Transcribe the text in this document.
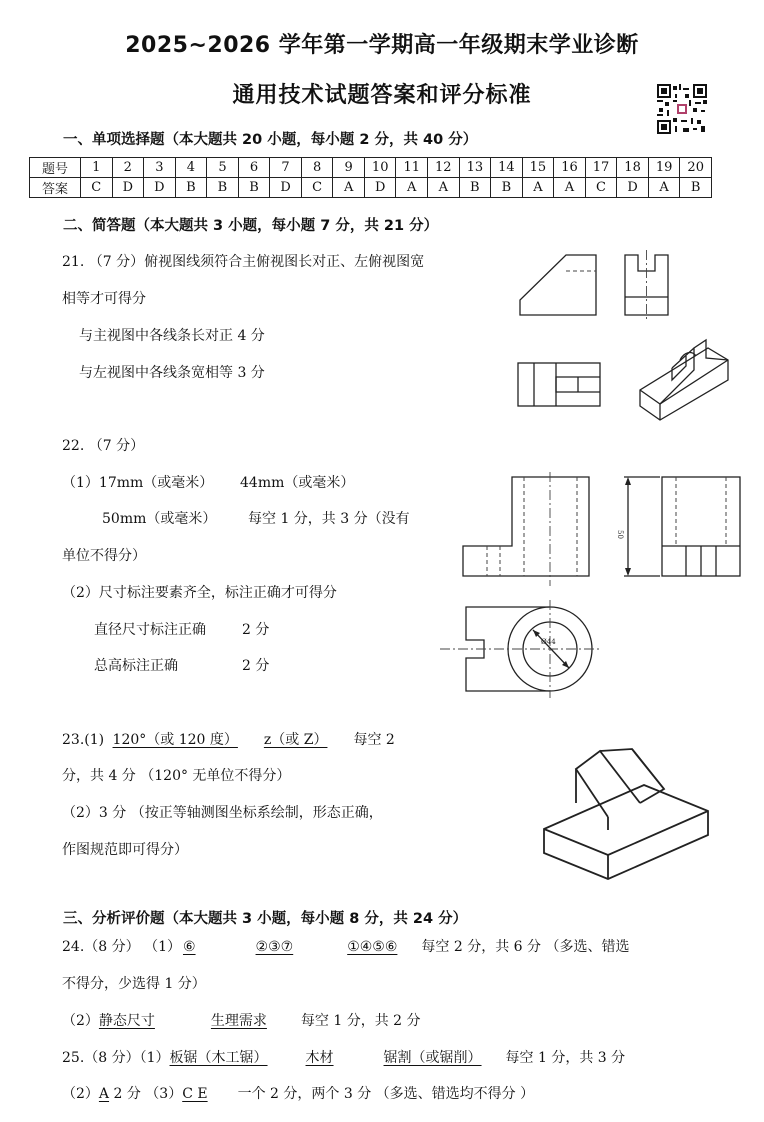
2025~2026 学年第一学期高一年级期末学业诊断
通用技术试题答案和评分标准
一、单项选择题（本大题共 20 小题，每小题 2 分，共 40 分）
题号	1	2	3	4	5	6	7	8	9	10	11	12	13	14	15	16	17	18	19	20
答案	C	D	D	B	B	B	D	C	A	D	A	A	B	B	A	A	C	D	A	B
二、简答题（本大题共 3 小题，每小题 7 分，共 21 分）
21. （7 分）俯视图线须符合主俯视图长对正、左俯视图宽
相等才可得分
与主视图中各线条长对正 4 分
与左视图中各线条宽相等 3 分
22. （7 分）
（1）17mm（或毫米） 44mm（或毫米）
50mm（或毫米） 每空 1 分，共 3 分（没有
单位不得分）
（2）尺寸标注要素齐全，标注正确才可得分
直径尺寸标注正确	2 分
总高标注正确	2 分
50
Ø44
23.(1) 120°（或 120 度） z（或 Z） 每空 2
分，共 4 分 （120° 无单位不得分）
（2）3 分 （按正等轴测图坐标系绘制，形态正确，
作图规范即可得分）
三、分析评价题（本大题共 3 小题，每小题 8 分，共 24 分）
24.（8 分） （1） ⑥	②③⑦	①④⑤⑥ 每空 2 分，共 6 分 （多选、错选
不得分，少选得 1 分）
（2）静态尺寸	生理需求 每空 1 分，共 2 分
25.（8 分）（1）板锯（木工锯）	木材	锯割（或锯削） 每空 1 分，共 3 分
（2）A 2 分 （3）C E 一个 2 分，两个 3 分 （多选、错选均不得分 ）
